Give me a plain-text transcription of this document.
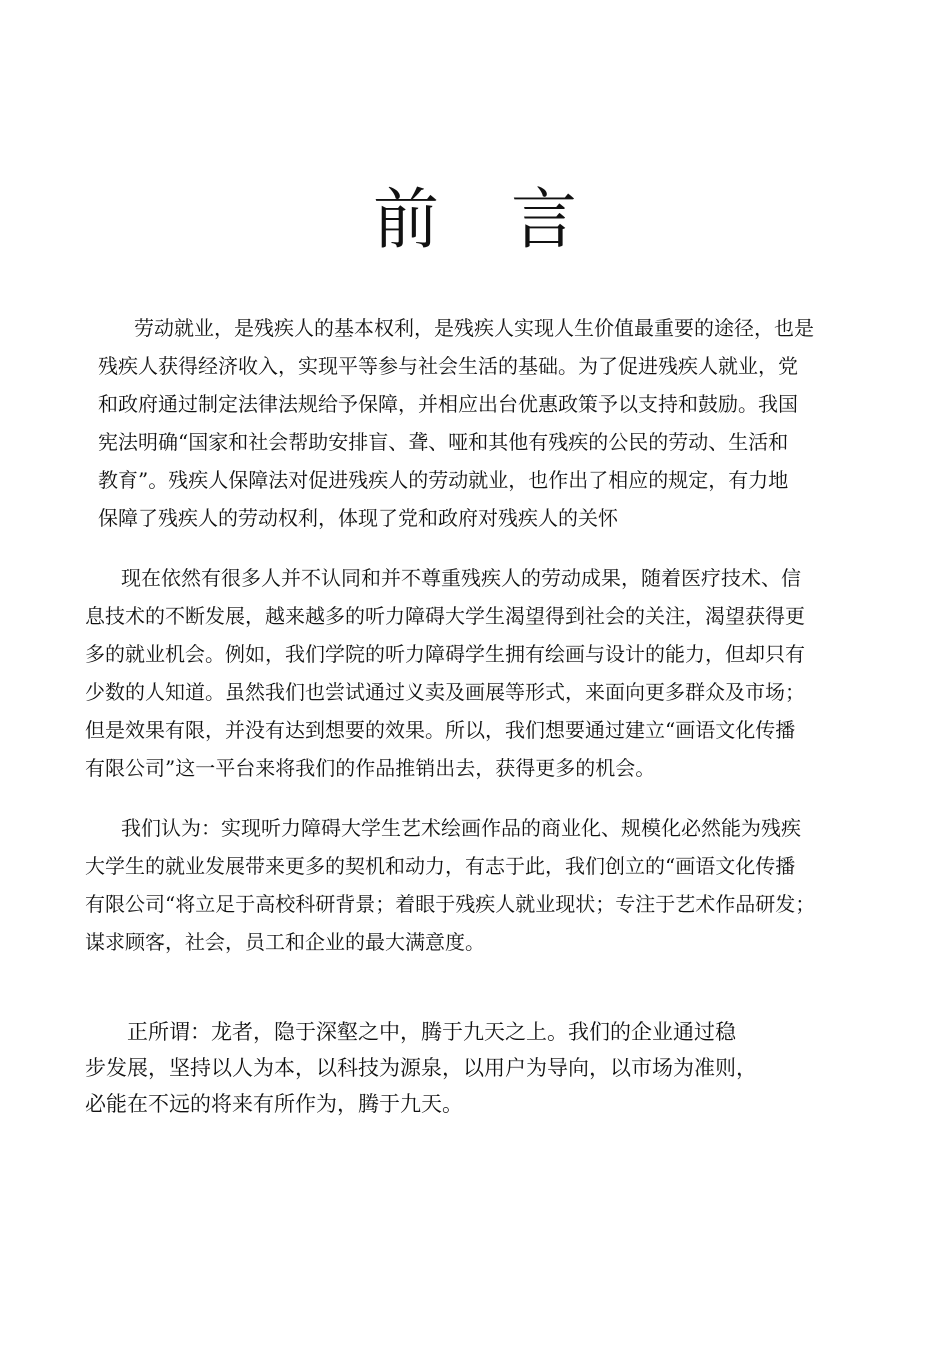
前言
劳动就业，是残疾人的基本权利，是残疾人实现人生价值最重要的途径，也是
残疾人获得经济收入，实现平等参与社会生活的基础。为了促进残疾人就业，党
和政府通过制定法律法规给予保障，并相应出台优惠政策予以支持和鼓励。我国
宪法明确“国家和社会帮助安排盲、聋、哑和其他有残疾的公民的劳动、生活和
教育”。残疾人保障法对促进残疾人的劳动就业，也作出了相应的规定，有力地
保障了残疾人的劳动权利，体现了党和政府对残疾人的关怀
现在依然有很多人并不认同和并不尊重残疾人的劳动成果，随着医疗技术、信
息技术的不断发展，越来越多的听力障碍大学生渴望得到社会的关注，渴望获得更
多的就业机会。例如，我们学院的听力障碍学生拥有绘画与设计的能力，但却只有
少数的人知道。虽然我们也尝试通过义卖及画展等形式，来面向更多群众及市场；
但是效果有限，并没有达到想要的效果。所以，我们想要通过建立“画语文化传播
有限公司”这一平台来将我们的作品推销出去，获得更多的机会。
我们认为：实现听力障碍大学生艺术绘画作品的商业化、规模化必然能为残疾
大学生的就业发展带来更多的契机和动力，有志于此，我们创立的“画语文化传播
有限公司“将立足于高校科研背景；着眼于残疾人就业现状；专注于艺术作品研发；
谋求顾客，社会，员工和企业的最大满意度。
正所谓：龙者，隐于深壑之中，腾于九天之上。我们的企业通过稳
步发展，坚持以人为本，以科技为源泉，以用户为导向，以市场为准则，
必能在不远的将来有所作为，腾于九天。
